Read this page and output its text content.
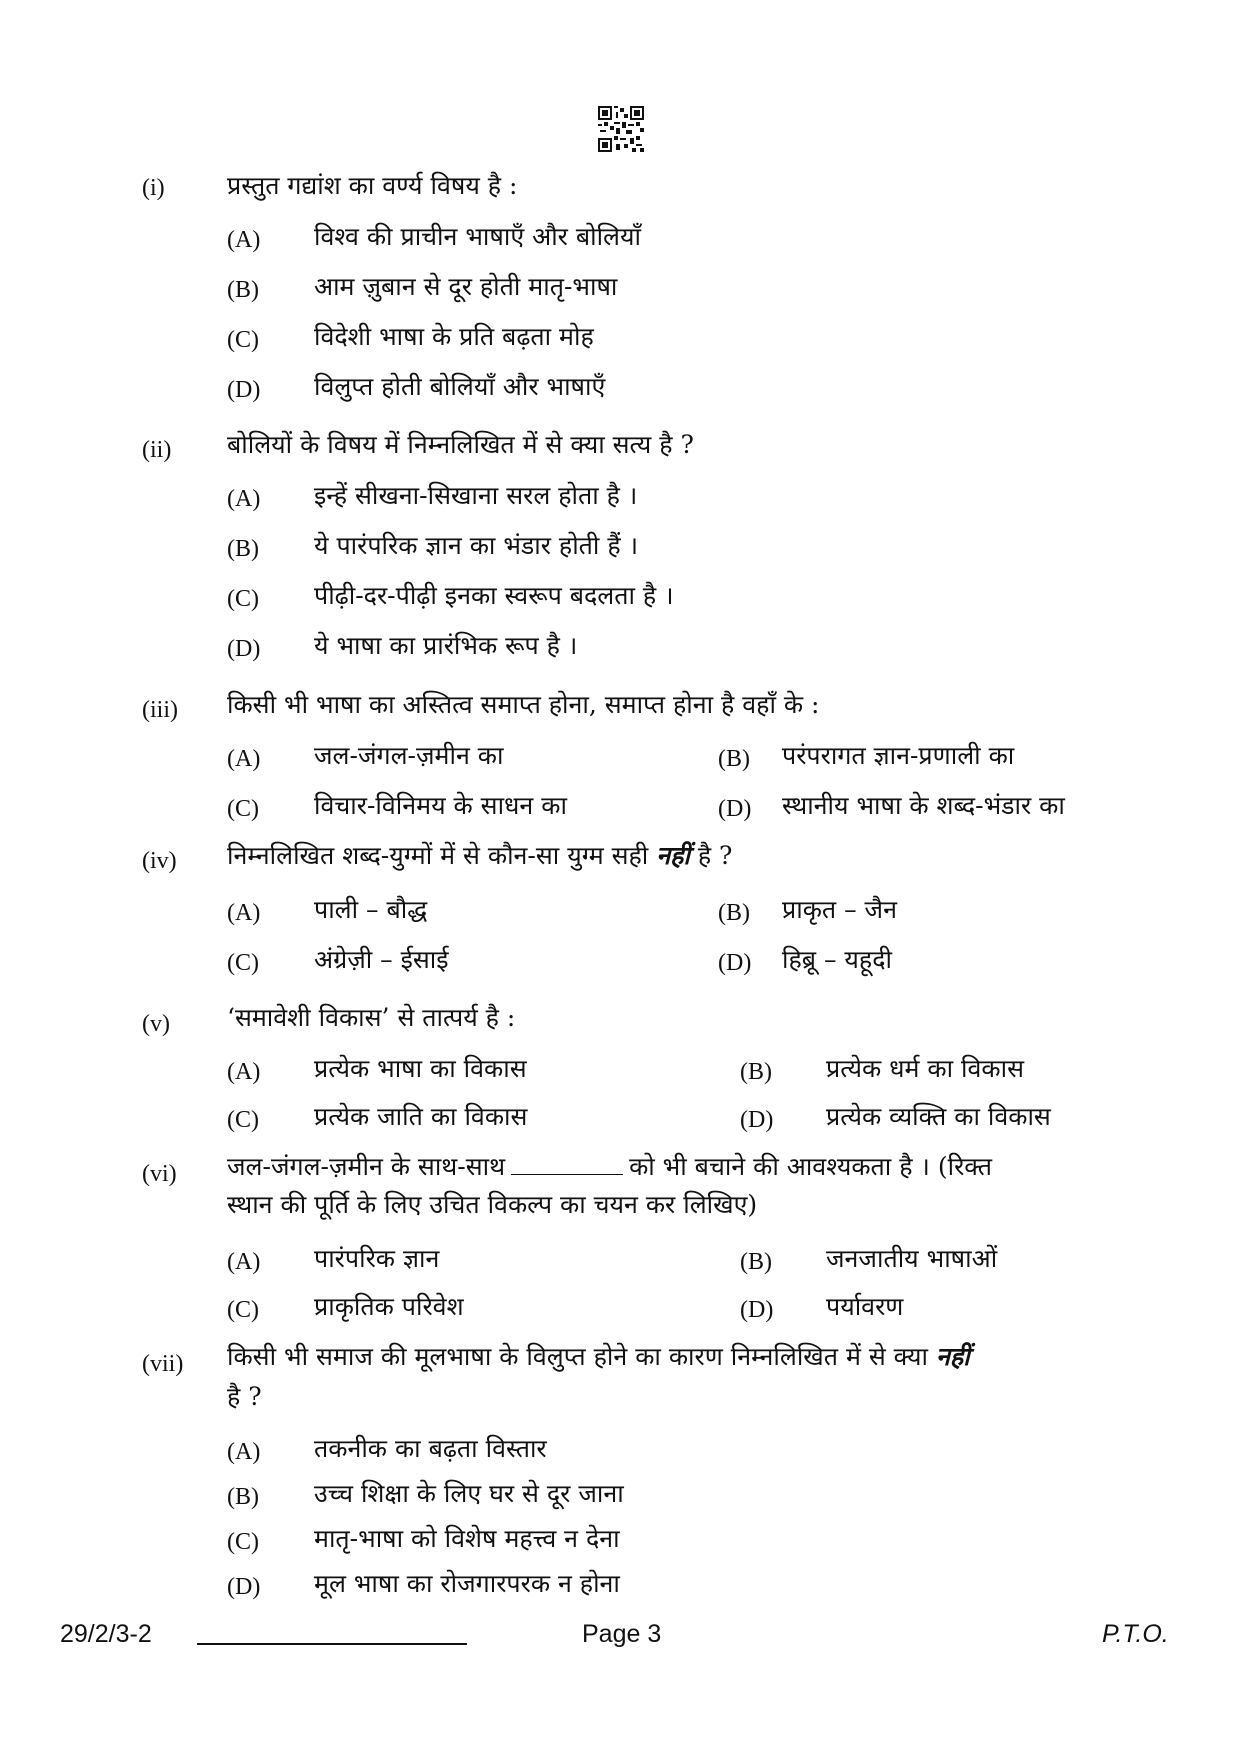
(i) प्रस्तुत गद्यांश का वर्ण्य विषय है :
(A) विश्व की प्राचीन भाषाएँ और बोलियाँ
(B) आम ज़ुबान से दूर होती मातृ-भाषा
(C) विदेशी भाषा के प्रति बढ़ता मोह
(D) विलुप्त होती बोलियाँ और भाषाएँ
(ii) बोलियों के विषय में निम्नलिखित में से क्या सत्य है ?
(A) इन्हें सीखना-सिखाना सरल होता है ।
(B) ये पारंपरिक ज्ञान का भंडार होती हैं ।
(C) पीढ़ी-दर-पीढ़ी इनका स्वरूप बदलता है ।
(D) ये भाषा का प्रारंभिक रूप है ।
(iii) किसी भी भाषा का अस्तित्व समाप्त होना, समाप्त होना है वहाँ के :
(A) जल-जंगल-ज़मीन का	(B) परंपरागत ज्ञान-प्रणाली का
(C) विचार-विनिमय के साधन का	(D) स्थानीय भाषा के शब्द-भंडार का
(iv) निम्नलिखित शब्द-युग्मों में से कौन-सा युग्म सही नहीं है ?
(A) पाली – बौद्ध	(B) प्राकृत – जैन
(C) अंग्रेज़ी – ईसाई	(D) हिब्रू – यहूदी
(v) ‘समावेशी विकास’ से तात्पर्य है :
(A) प्रत्येक भाषा का विकास	(B) प्रत्येक धर्म का विकास
(C) प्रत्येक जाति का विकास	(D) प्रत्येक व्यक्ति का विकास
(vi) जल-जंगल-ज़मीन के साथ-साथ	को भी बचाने की आवश्यकता है । (रिक्त
स्थान की पूर्ति के लिए उचित विकल्प का चयन कर लिखिए)
(A) पारंपरिक ज्ञान	(B) जनजातीय भाषाओं
(C) प्राकृतिक परिवेश	(D) पर्यावरण
(vii) किसी भी समाज की मूलभाषा के विलुप्त होने का कारण निम्नलिखित में से क्या नहीं
है ?
(A) तकनीक का बढ़ता विस्तार
(B) उच्च शिक्षा के लिए घर से दूर जाना
(C) मातृ-भाषा को विशेष महत्त्व न देना
(D) मूल भाषा का रोजगारपरक न होना
29/2/3-2	Page 3	P.T.O.
